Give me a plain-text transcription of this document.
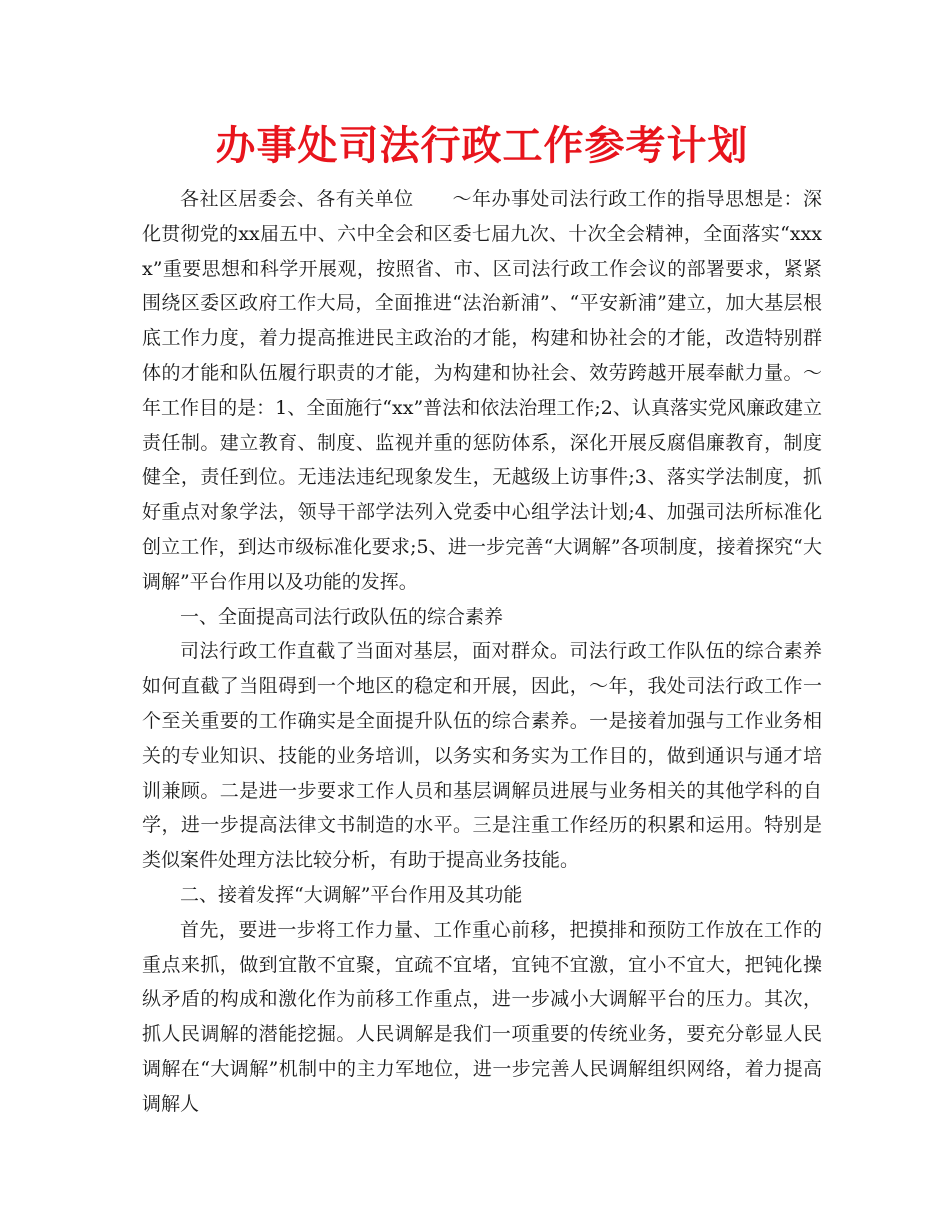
办事处司法行政工作参考计划

各社区居委会、各有关单位　　～年办事处司法行政工作的指导思想是：深化贯彻党的xx届五中、六中全会和区委七届九次、十次全会精神，全面落实“xxxx”重要思想和科学开展观，按照省、市、区司法行政工作会议的部署要求，紧紧围绕区委区政府工作大局，全面推进“法治新浦”、“平安新浦”建立，加大基层根底工作力度，着力提高推进民主政治的才能，构建和协社会的才能，改造特别群体的才能和队伍履行职责的才能，为构建和协社会、效劳跨越开展奉献力量。～年工作目的是：1、全面施行“xx”普法和依法治理工作;2、认真落实党风廉政建立责任制。建立教育、制度、监视并重的惩防体系，深化开展反腐倡廉教育，制度健全，责任到位。无违法违纪现象发生，无越级上访事件;3、落实学法制度，抓好重点对象学法，领导干部学法列入党委中心组学法计划;4、加强司法所标准化创立工作，到达市级标准化要求;5、进一步完善“大调解”各项制度，接着探究“大调解”平台作用以及功能的发挥。

一、全面提高司法行政队伍的综合素养

司法行政工作直截了当面对基层，面对群众。司法行政工作队伍的综合素养如何直截了当阻碍到一个地区的稳定和开展，因此，～年，我处司法行政工作一个至关重要的工作确实是全面提升队伍的综合素养。一是接着加强与工作业务相关的专业知识、技能的业务培训，以务实和务实为工作目的，做到通识与通才培训兼顾。二是进一步要求工作人员和基层调解员进展与业务相关的其他学科的自学，进一步提高法律文书制造的水平。三是注重工作经历的积累和运用。特别是类似案件处理方法比较分析，有助于提高业务技能。

二、接着发挥“大调解”平台作用及其功能

首先，要进一步将工作力量、工作重心前移，把摸排和预防工作放在工作的重点来抓，做到宜散不宜聚，宜疏不宜堵，宜钝不宜激，宜小不宜大，把钝化操纵矛盾的构成和激化作为前移工作重点，进一步减小大调解平台的压力。其次，抓人民调解的潜能挖掘。人民调解是我们一项重要的传统业务，要充分彰显人民调解在“大调解”机制中的主力军地位，进一步完善人民调解组织网络，着力提高调解人
